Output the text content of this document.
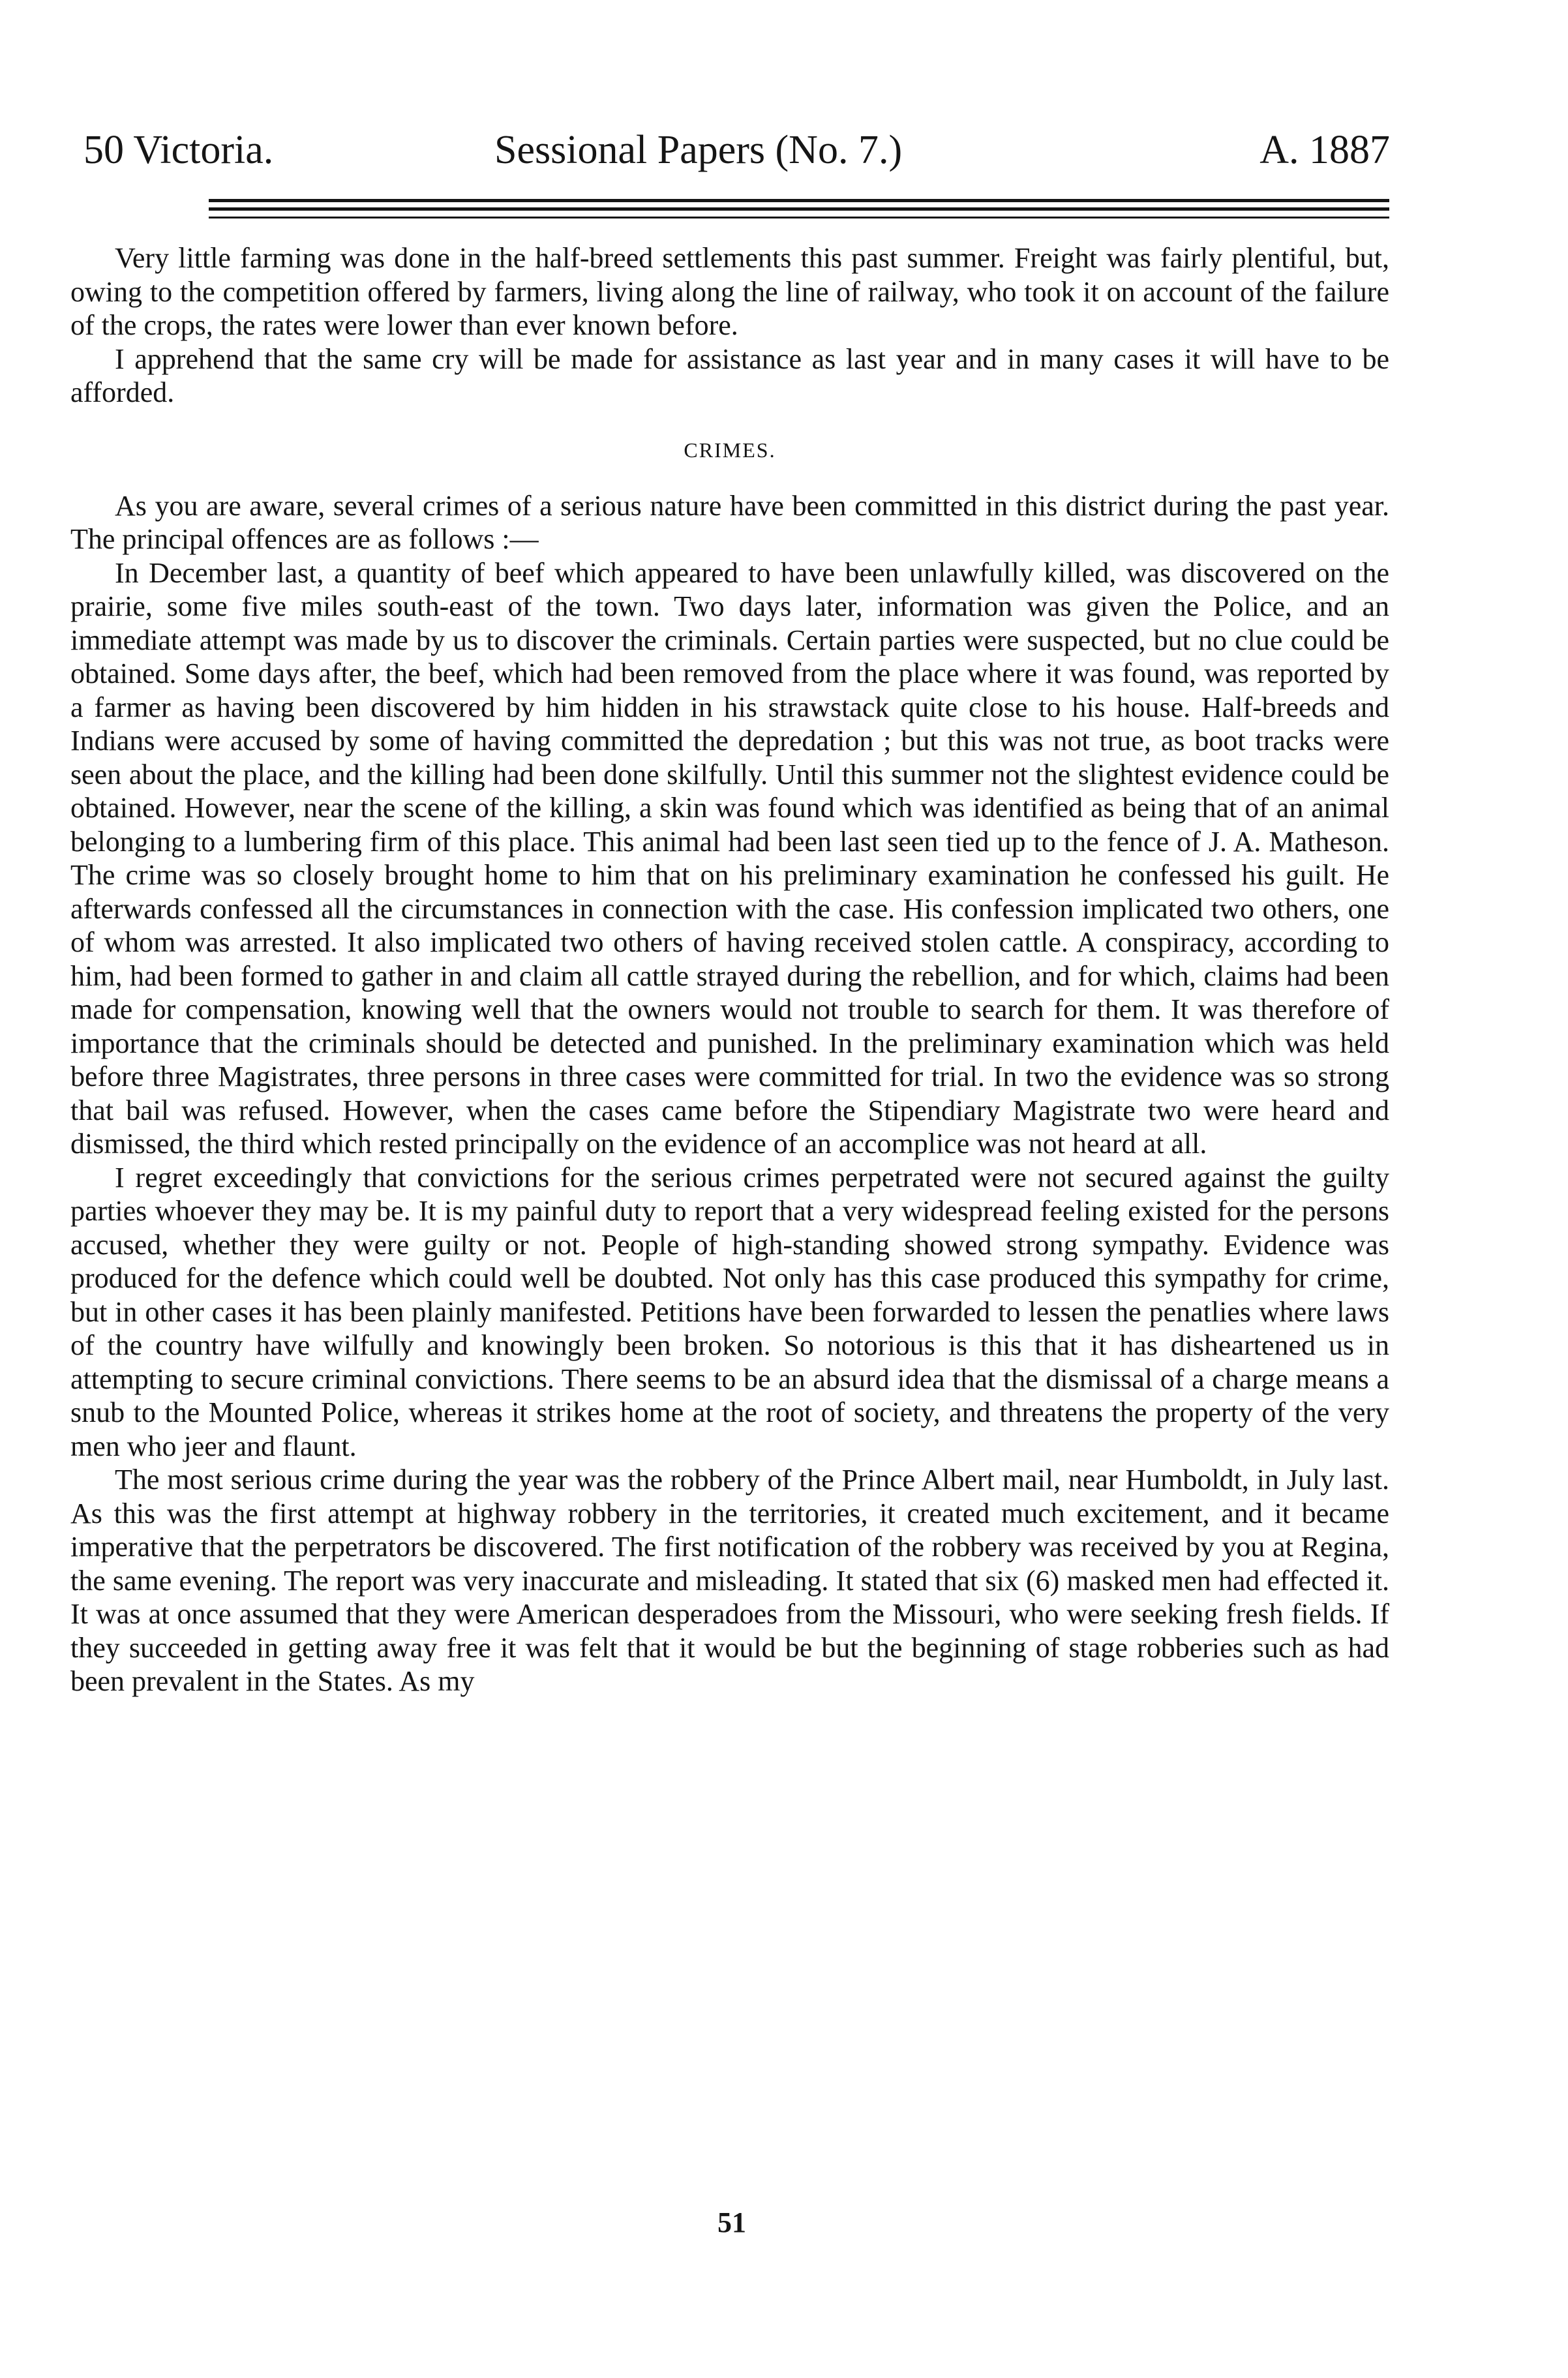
50 Victoria.	Sessional Papers (No. 7.)	A. 1887

Very little farming was done in the half-breed settlements this past summer. Freight was fairly plentiful, but, owing to the competition offered by farmers, living along the line of railway, who took it on account of the failure of the crops, the rates were lower than ever known before.

I apprehend that the same cry will be made for assistance as last year and in many cases it will have to be afforded.

CRIMES.

As you are aware, several crimes of a serious nature have been committed in this district during the past year. The principal offences are as follows :—

In December last, a quantity of beef which appeared to have been unlawfully killed, was discovered on the prairie, some five miles south-east of the town. Two days later, information was given the Police, and an immediate attempt was made by us to discover the criminals. Certain parties were suspected, but no clue could be obtained. Some days after, the beef, which had been removed from the place where it was found, was reported by a farmer as having been discovered by him hidden in his strawstack quite close to his house. Half-breeds and Indians were accused by some of having committed the depredation ; but this was not true, as boot tracks were seen about the place, and the killing had been done skilfully. Until this summer not the slightest evidence could be obtained. However, near the scene of the killing, a skin was found which was identified as being that of an animal belonging to a lumbering firm of this place. This animal had been last seen tied up to the fence of J. A. Matheson. The crime was so closely brought home to him that on his preliminary examination he confessed his guilt. He afterwards confessed all the circumstances in connection with the case. His confession implicated two others, one of whom was arrested. It also implicated two others of having received stolen cattle. A conspiracy, according to him, had been formed to gather in and claim all cattle strayed during the rebellion, and for which, claims had been made for compensation, knowing well that the owners would not trouble to search for them. It was therefore of importance that the criminals should be detected and punished. In the preliminary examination which was held before three Magistrates, three persons in three cases were committed for trial. In two the evidence was so strong that bail was refused. However, when the cases came before the Stipendiary Magistrate two were heard and dismissed, the third which rested principally on the evidence of an accomplice was not heard at all.

I regret exceedingly that convictions for the serious crimes perpetrated were not secured against the guilty parties whoever they may be. It is my painful duty to report that a very widespread feeling existed for the persons accused, whether they were guilty or not. People of high-standing showed strong sympathy. Evidence was produced for the defence which could well be doubted. Not only has this case produced this sympathy for crime, but in other cases it has been plainly manifested. Petitions have been forwarded to lessen the penatlies where laws of the country have wilfully and knowingly been broken. So notorious is this that it has disheartened us in attempting to secure criminal convictions. There seems to be an absurd idea that the dismissal of a charge means a snub to the Mounted Police, whereas it strikes home at the root of society, and threatens the property of the very men who jeer and flaunt.

The most serious crime during the year was the robbery of the Prince Albert mail, near Humboldt, in July last. As this was the first attempt at highway robbery in the territories, it created much excitement, and it became imperative that the perpetrators be discovered. The first notification of the robbery was received by you at Regina, the same evening. The report was very inaccurate and misleading. It stated that six (6) masked men had effected it. It was at once assumed that they were American desperadoes from the Missouri, who were seeking fresh fields. If they succeeded in getting away free it was felt that it would be but the beginning of stage robberies such as had been prevalent in the States. As my

51
